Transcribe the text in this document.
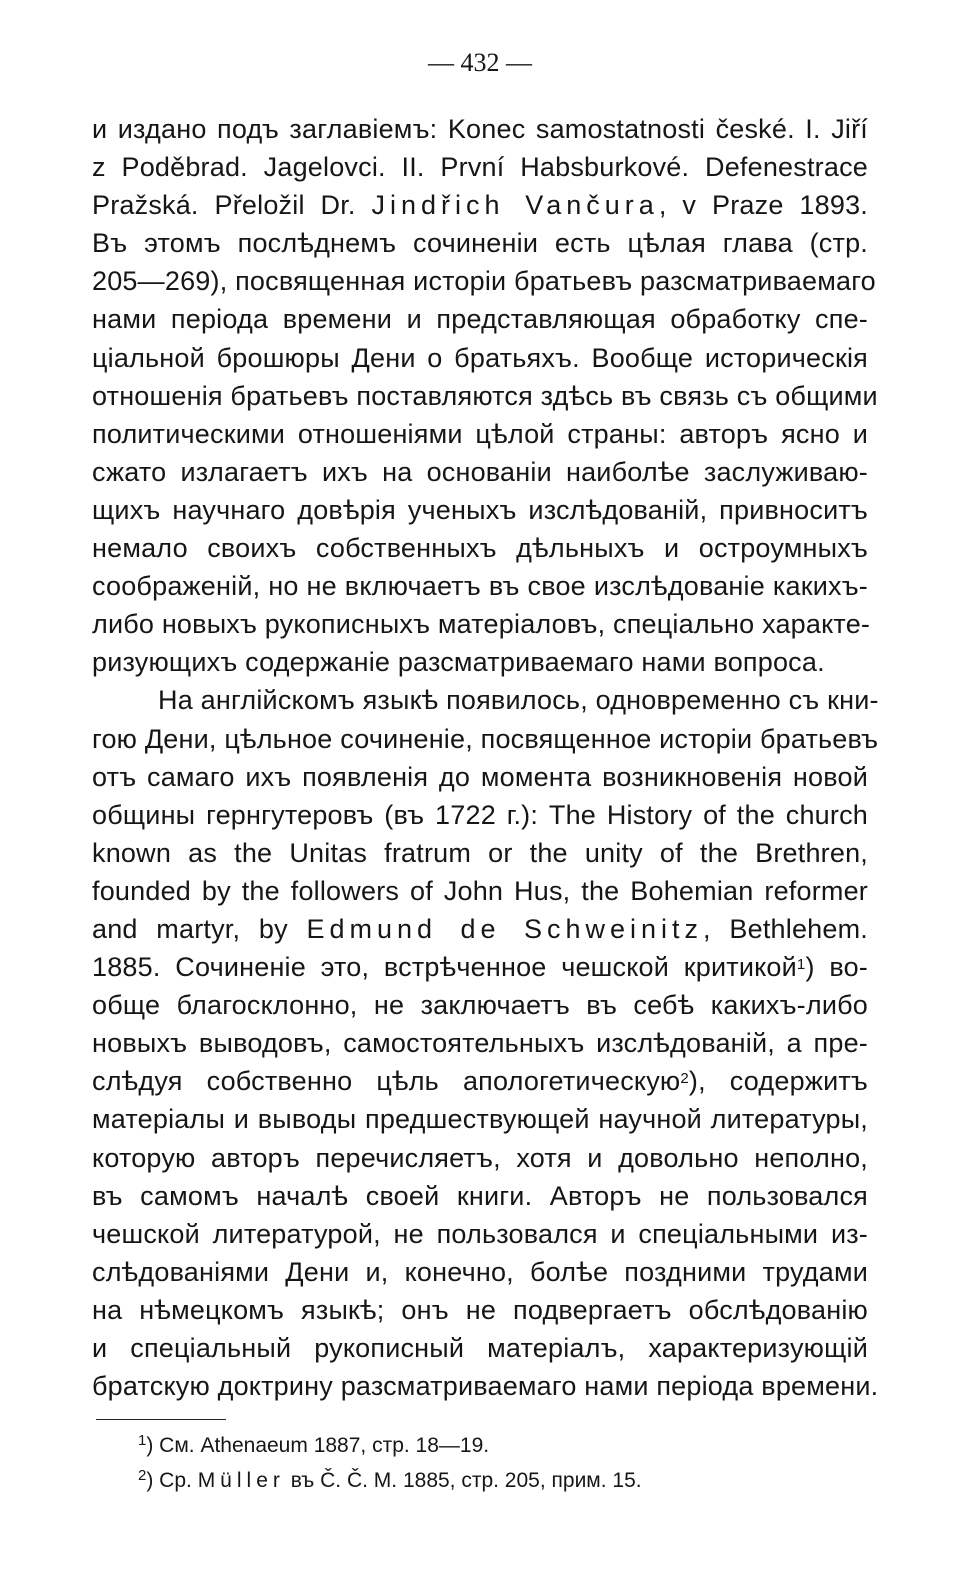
— 432 —

и издано подъ заглавіемъ: Konec samostatnosti české. I. Jiří
z Poděbrad. Jagelovci. II. První Habsburkové. Defenestrace
Pražská. Přeložil Dr. Jindřich Vančura, v Praze 1893.
Въ этомъ послѣднемъ сочиненіи есть цѣлая глава (стр.
205—269), посвященная исторіи братьевъ разсматриваемаго
нами періода времени и представляющая обработку спе-
ціальной брошюры Дени о братьяхъ. Вообще историческія
отношенія братьевъ поставляются здѣсь въ связь съ общими
политическими отношеніями цѣлой страны: авторъ ясно и
сжато излагаетъ ихъ на основаніи наиболѣе заслуживаю-
щихъ научнаго довѣрія ученыхъ изслѣдованій, привноситъ
немало своихъ собственныхъ дѣльныхъ и остроумныхъ
соображеній, но не включаетъ въ свое изслѣдованіе какихъ-
либо новыхъ рукописныхъ матеріаловъ, спеціально характе-
ризующихъ содержаніе разсматриваемаго нами вопроса.

На англійскомъ языкѣ появилось, одновременно съ кни-
гою Дени, цѣльное сочиненіе, посвященное исторіи братьевъ
отъ самаго ихъ появленія до момента возникновенія новой
общины гернгутеровъ (въ 1722 г.): The History of the church
known as the Unitas fratrum or the unity of the Brethren,
founded by the followers of John Hus, the Bohemian reformer
and martyr, by Edmund de Schweinitz, Bethlehem.
1885. Сочиненіе это, встрѣченное чешской критикой$^1$) во-
обще благосклонно, не заключаетъ въ себѣ какихъ-либо
новыхъ выводовъ, самостоятельныхъ изслѣдованій, а пре-
слѣдуя собственно цѣль апологетическую$^2$), содержитъ
матеріалы и выводы предшествующей научной литературы,
которую авторъ перечисляетъ, хотя и довольно неполно,
въ самомъ началѣ своей книги. Авторъ не пользовался
чешской литературой, не пользовался и спеціальными из-
слѣдованіями Дени и, конечно, болѣе поздними трудами
на нѣмецкомъ языкѣ; онъ не подвергаетъ обслѣдованію
и спеціальный рукописный матеріалъ, характеризующій
братскую доктрину разсматриваемаго нами періода времени.

$^1$) См. Athenaeum 1887, стр. 18—19.
$^2$) Ср. Müller въ Č. Č. M. 1885, стр. 205, прим. 15.
